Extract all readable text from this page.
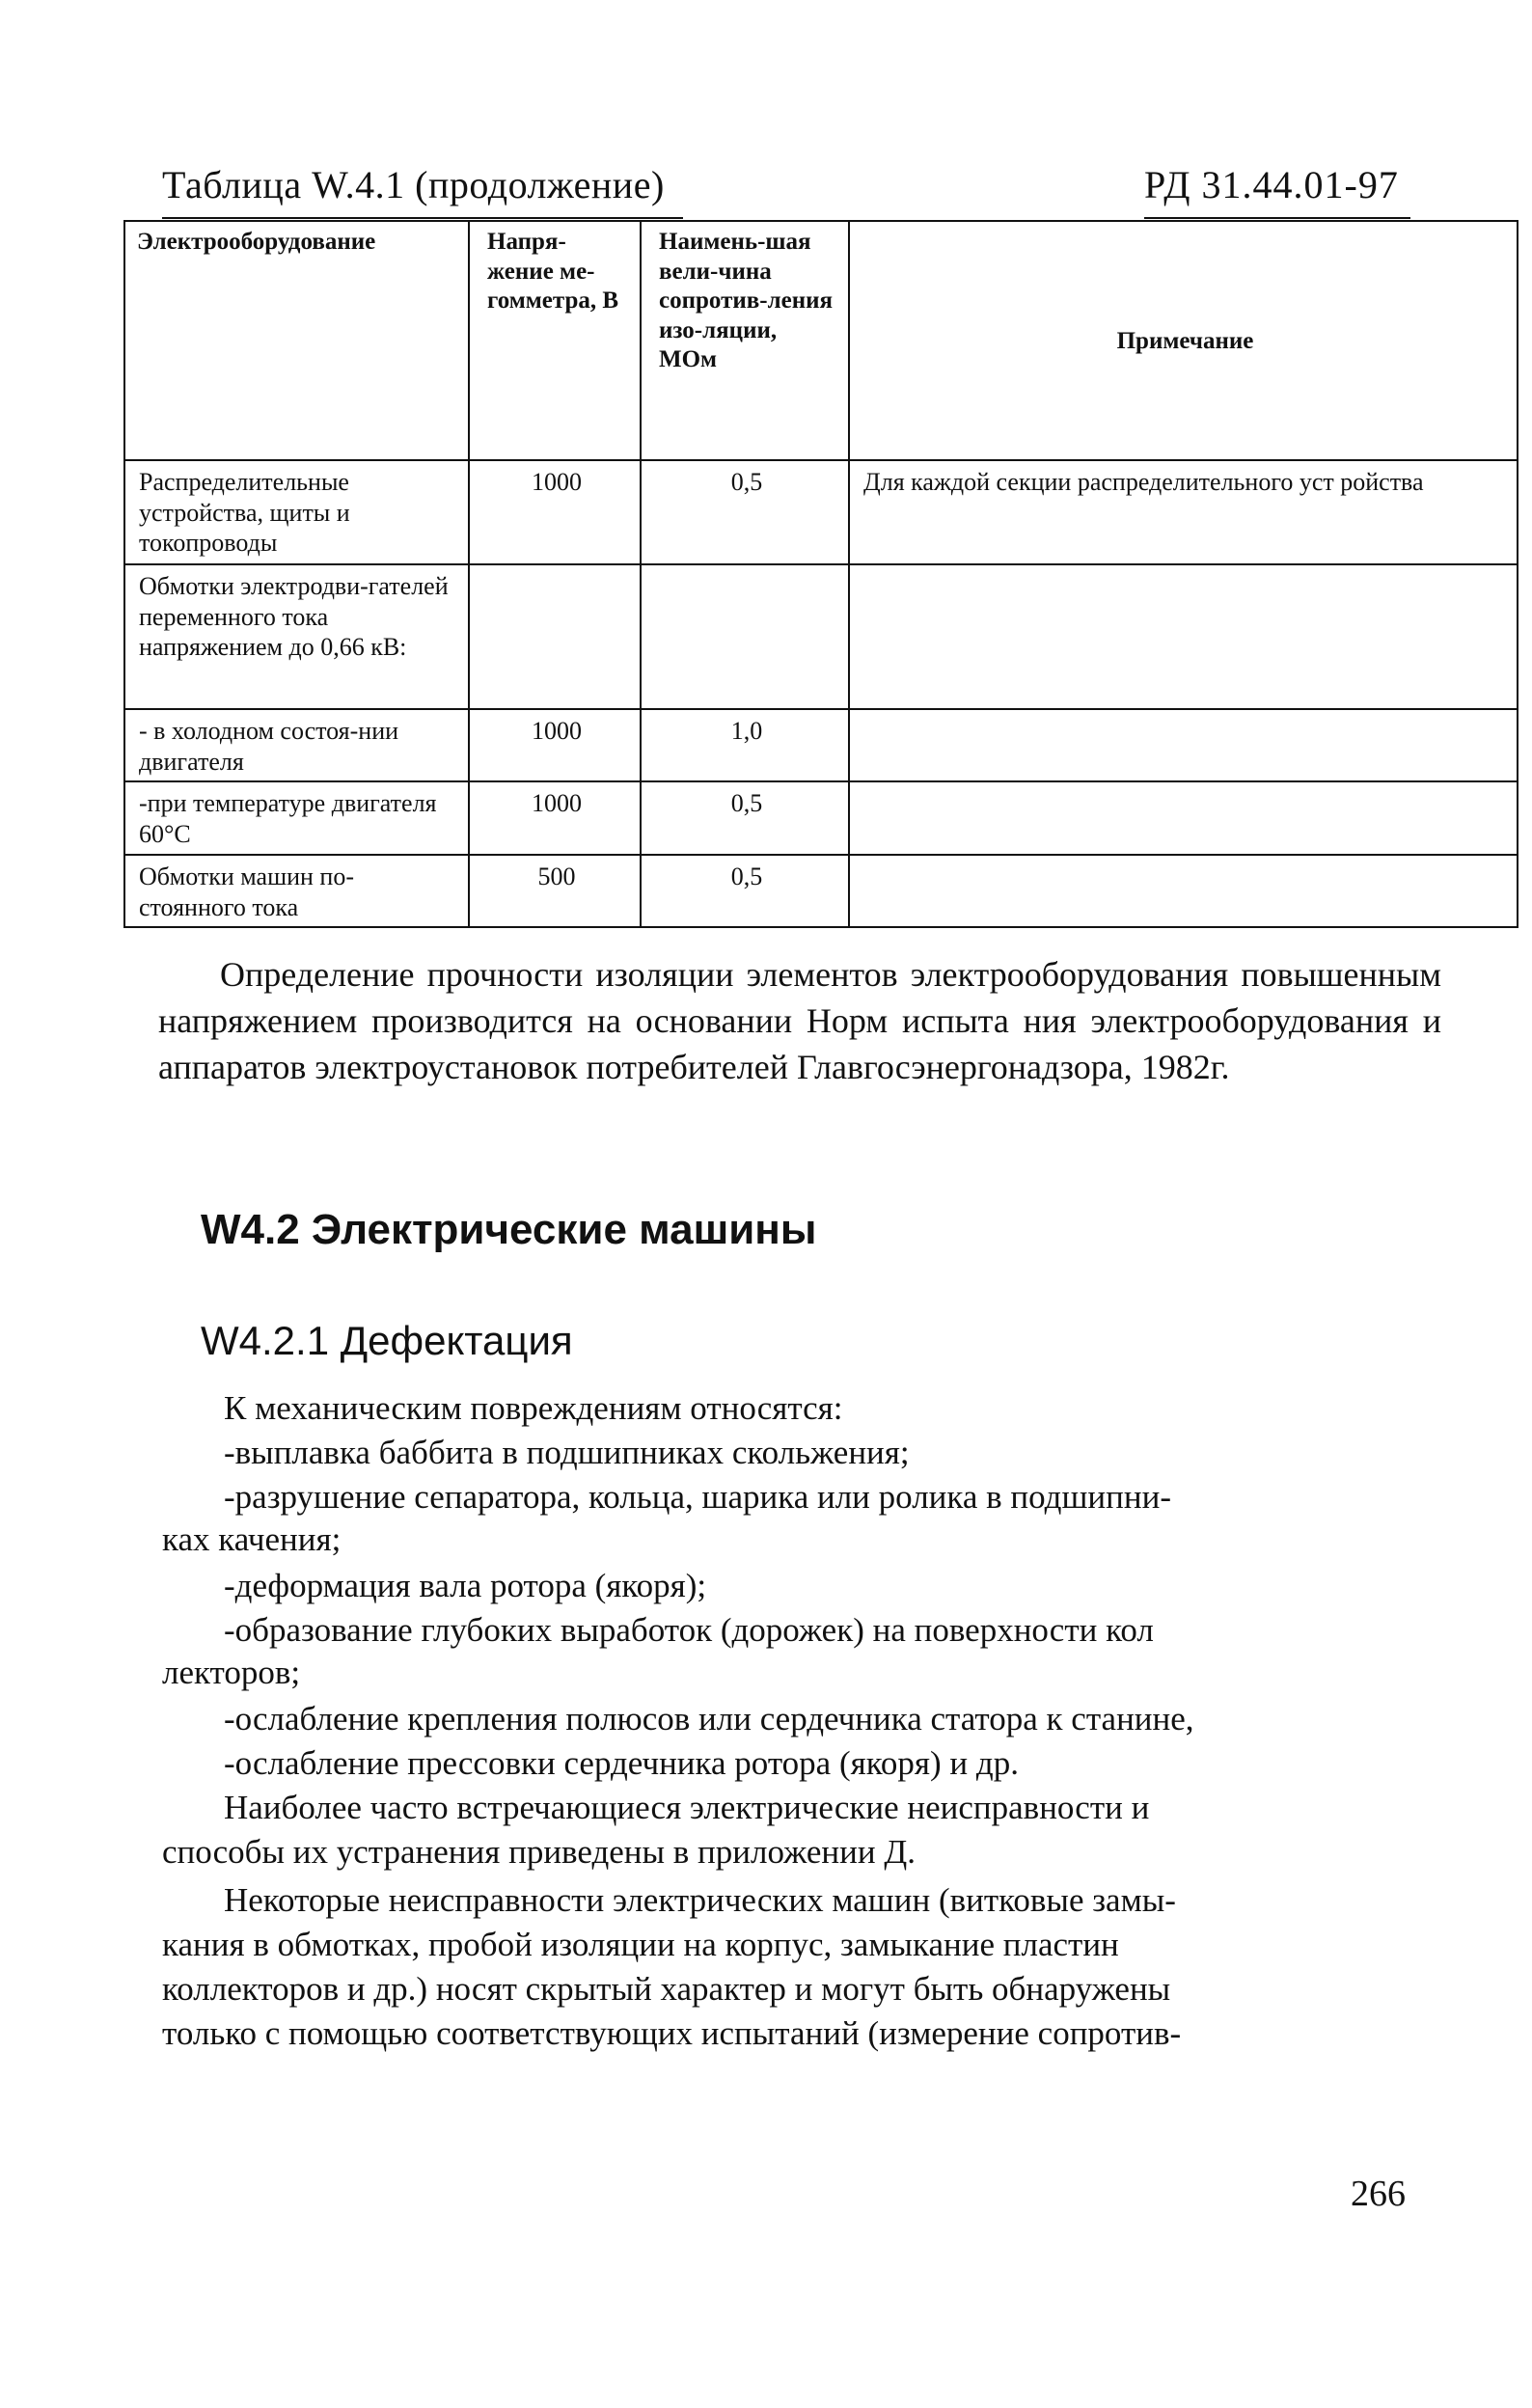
Таблица W.4.1 (продолжение)	РД 31.44.01-97
Электрооборудование	Напря-жение ме-гомметра, В	Наимень-шая вели-чина сопротив-ления изо-ляции, МОм	Примечание
Распределительные устройства, щиты и токопроводы	1000	0,5	Для каждой секции распределительного уст ройства
Обмотки электродви-гателей переменного тока напряжением до 0,66 кВ:			
- в холодном состоя-нии двигателя	1000	1,0	
-при температуре двигателя 60°С	1000	0,5	
Обмотки машин по-стоянного тока	500	0,5	
Определение прочности изоляции элементов электрооборудования повышенным напряжением производится на основании Норм испыта ния электрооборудования и аппаратов электроустановок потребителей Главгосэнергонадзора, 1982г.
W4.2 Электрические машины
W4.2.1 Дефектация
К механическим повреждениям относятся:
-выплавка баббита в подшипниках скольжения;
-разрушение сепаратора, кольца, шарика или ролика в подшипни-
ках качения;
-деформация вала ротора (якоря);
-образование глубоких выработок (дорожек) на поверхности кол
лекторов;
-ослабление крепления полюсов или сердечника статора к станине,
-ослабление прессовки сердечника ротора (якоря) и др.
Наиболее часто встречающиеся электрические неисправности и
способы их устранения приведены в приложении Д.
Некоторые неисправности электрических машин (витковые замы-
кания в обмотках, пробой изоляции на корпус, замыкание пластин
коллекторов и др.) носят скрытый характер и могут быть обнаружены
только с помощью соответствующих испытаний (измерение сопротив-
266
